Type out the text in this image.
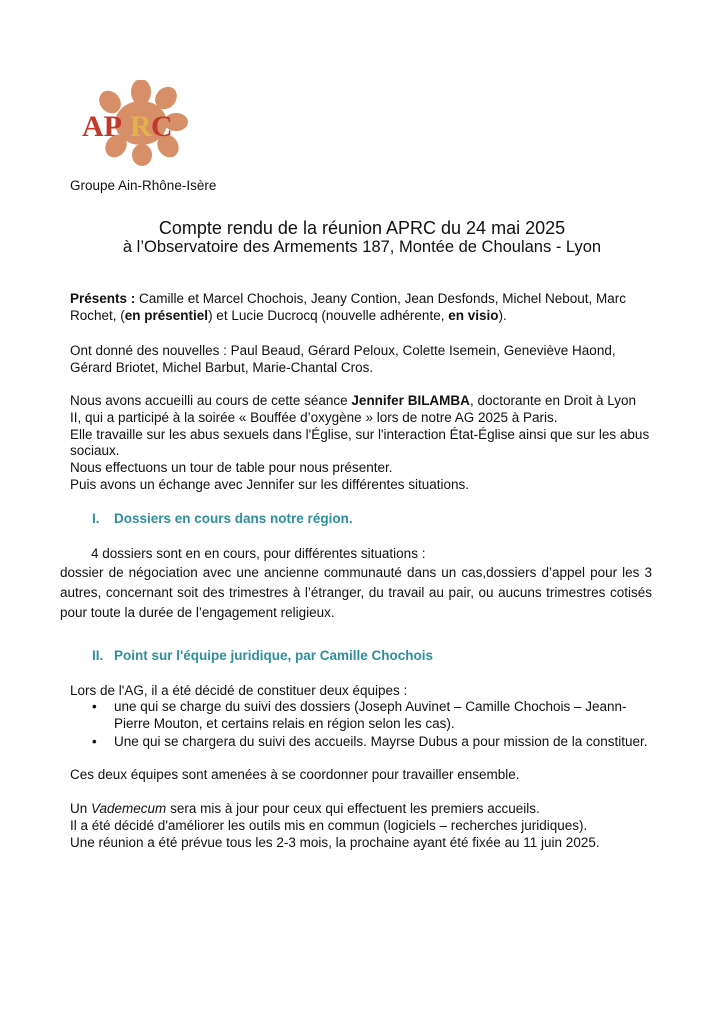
AP R C
Groupe Ain-Rhône-Isère
Compte rendu de la réunion APRC du 24 mai 2025
à l’Observatoire des Armements 187, Montée de Choulans - Lyon
Présents : Camille et Marcel Chochois, Jeany Contion, Jean Desfonds, Michel Nebout, Marc Rochet, (en présentiel) et Lucie Ducrocq (nouvelle adhérente, en visio).
Ont donné des nouvelles : Paul Beaud, Gérard Peloux, Colette Isemein, Geneviève Haond, Gérard Briotet, Michel Barbut, Marie-Chantal Cros.
Nous avons accueilli au cours de cette séance Jennifer BILAMBA, doctorante en Droit à Lyon II, qui a participé à la soirée « Bouffée d’oxygène » lors de notre AG 2025 à Paris.
Elle travaille sur les abus sexuels dans l'Église, sur l'interaction État-Église ainsi que sur les abus sociaux.
Nous effectuons un tour de table pour nous présenter.
Puis avons un échange avec Jennifer sur les différentes situations.
I. Dossiers en cours dans notre région.
4 dossiers sont en en cours, pour différentes situations :
dossier de négociation avec une ancienne communauté dans un cas,dossiers d’appel pour les 3 autres, concernant soit des trimestres à l’étranger, du travail au pair, ou aucuns trimestres cotisés pour toute la durée de l’engagement religieux.
II. Point sur l'équipe juridique, par Camille Chochois
Lors de l'AG, il a été décidé de constituer deux équipes :
• une qui se charge du suivi des dossiers (Joseph Auvinet – Camille Chochois – Jeann-Pierre Mouton, et certains relais en région selon les cas).
• Une qui se chargera du suivi des accueils. Mayrse Dubus a pour mission de la constituer.
Ces deux équipes sont amenées à se coordonner pour travailler ensemble.
Un Vademecum sera mis à jour pour ceux qui effectuent les premiers accueils.
Il a été décidé d'améliorer les outils mis en commun (logiciels – recherches juridiques).
Une réunion a été prévue tous les 2-3 mois, la prochaine ayant été fixée au 11 juin 2025.
